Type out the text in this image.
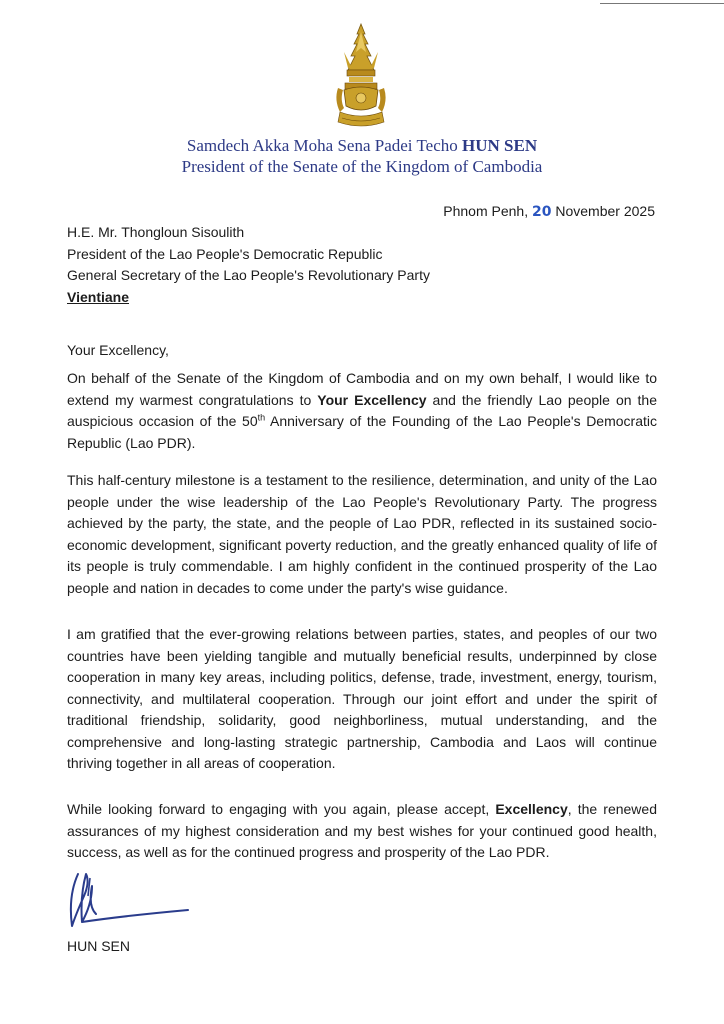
Samdech Akka Moha Sena Padei Techo HUN SEN
President of the Senate of the Kingdom of Cambodia
Phnom Penh, 20 November 2025
H.E. Mr. Thongloun Sisoulith
President of the Lao People's Democratic Republic
General Secretary of the Lao People's Revolutionary Party
Vientiane
Your Excellency,

On behalf of the Senate of the Kingdom of Cambodia and on my own behalf, I would like to extend my warmest congratulations to Your Excellency and the friendly Lao people on the auspicious occasion of the 50th Anniversary of the Founding of the Lao People's Democratic Republic (Lao PDR).

This half-century milestone is a testament to the resilience, determination, and unity of the Lao people under the wise leadership of the Lao People's Revolutionary Party. The progress achieved by the party, the state, and the people of Lao PDR, reflected in its sustained socio-economic development, significant poverty reduction, and the greatly enhanced quality of life of its people is truly commendable. I am highly confident in the continued prosperity of the Lao people and nation in decades to come under the party's wise guidance.

I am gratified that the ever-growing relations between parties, states, and peoples of our two countries have been yielding tangible and mutually beneficial results, underpinned by close cooperation in many key areas, including politics, defense, trade, investment, energy, tourism, connectivity, and multilateral cooperation. Through our joint effort and under the spirit of traditional friendship, solidarity, good neighborliness, mutual understanding, and the comprehensive and long-lasting strategic partnership, Cambodia and Laos will continue thriving together in all areas of cooperation.

While looking forward to engaging with you again, please accept, Excellency, the renewed assurances of my highest consideration and my best wishes for your continued good health, success, as well as for the continued progress and prosperity of the Lao PDR.

HUN SEN
